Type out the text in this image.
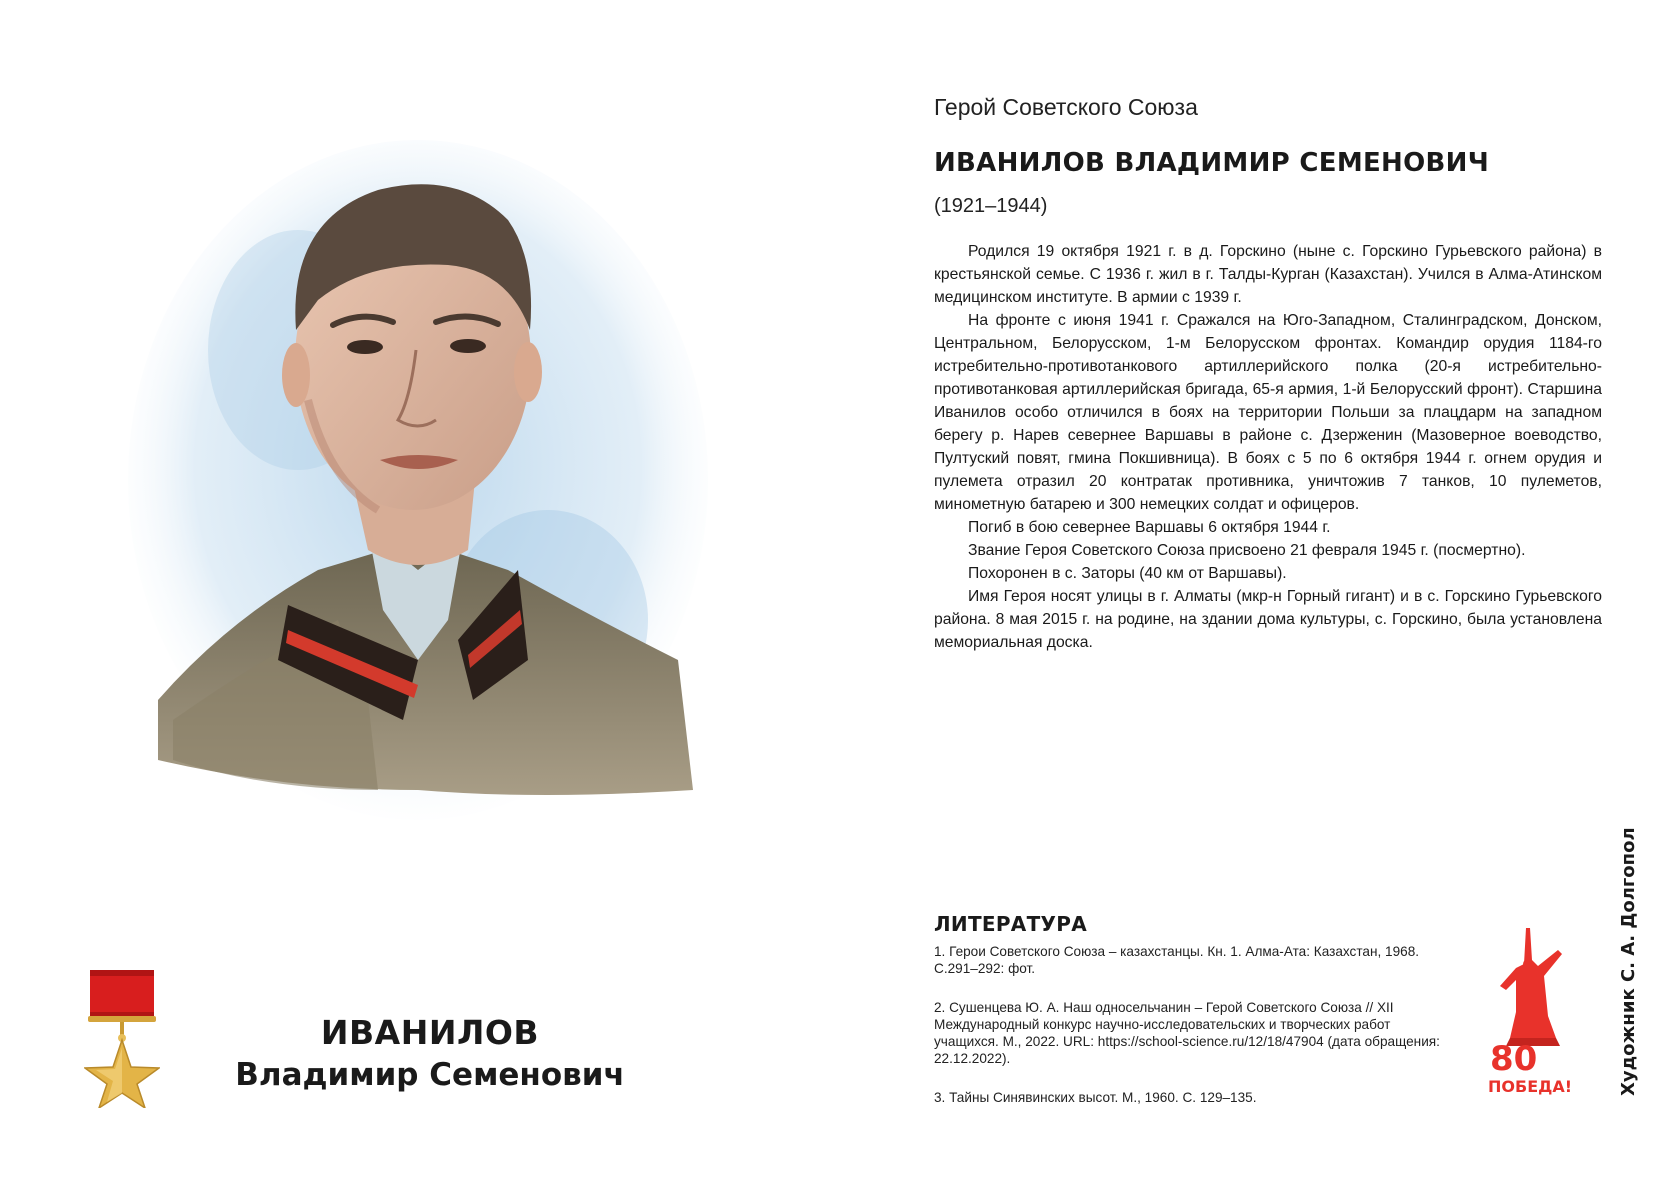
ИВАНИЛОВ
Владимир Семенович
Герой Советского Союза
ИВАНИЛОВ ВЛАДИМИР СЕМЕНОВИЧ
(1921–1944)

Родился 19 октября 1921 г. в д. Горскино (ныне с. Горскино Гурьевского района) в крестьянской семье. С 1936 г. жил в г. Талды-Курган (Казахстан). Учился в Алма-Атинском медицинском институте. В армии с 1939 г.

На фронте с июня 1941 г. Сражался на Юго-Западном, Сталинградском, Донском, Центральном, Белорусском, 1-м Белорусском фронтах. Командир орудия 1184-го истребительно-противотанкового артиллерийского полка (20-я истребительно-противотанковая артиллерийская бригада, 65-я армия, 1-й Белорусский фронт). Старшина Иванилов особо отличился в боях на территории Польши за плацдарм на западном берегу р. Нарев севернее Варшавы в районе с. Дзерженин (Мазоверное воеводство, Пултуский повят, гмина Покшивница). В боях с 5 по 6 октября 1944 г. огнем орудия и пулемета отразил 20 контратак противника, уничтожив 7 танков, 10 пулеметов, минометную батарею и 300 немецких солдат и офицеров.

Погиб в бою севернее Варшавы 6 октября 1944 г.

Звание Героя Советского Союза присвоено 21 февраля 1945 г. (посмертно).

Похоронен в с. Заторы (40 км от Варшавы).

Имя Героя носят улицы в г. Алматы (мкр-н Горный гигант) и в с. Горскино Гурьевского района. 8 мая 2015 г. на родине, на здании дома культуры, с. Горскино, была установлена мемориальная доска.

ЛИТЕРАТУРА
1. Герои Советского Союза – казахстанцы. Кн. 1. Алма-Ата: Казахстан, 1968. С.291–292: фот.
2. Сушенцева Ю. А. Наш односельчанин – Герой Советского Союза // XII Международный конкурс научно-исследовательских и творческих работ учащихся. М., 2022. URL: https://school-science.ru/12/18/47904 (дата обращения: 22.12.2022).
3. Тайны Синявинских высот. М., 1960. С. 129–135.
80
ПОБЕДА!	Художник С. А. Долгопол
